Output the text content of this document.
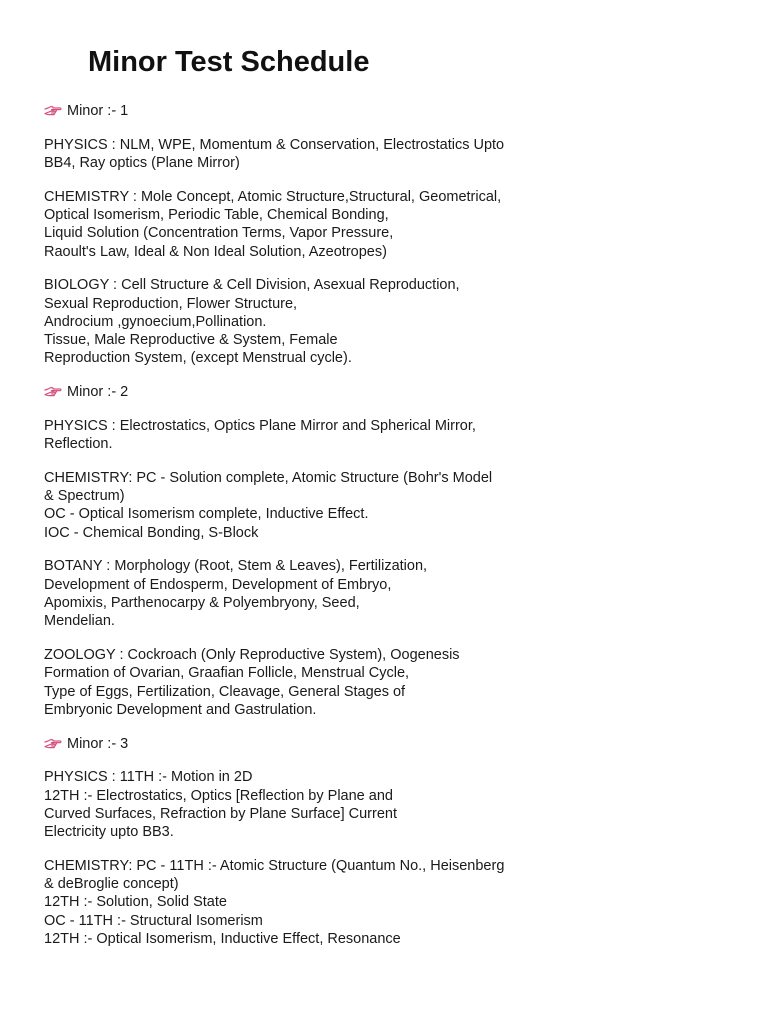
Minor Test Schedule
Minor :- 1
PHYSICS : NLM, WPE, Momentum & Conservation, Electrostatics Upto
BB4, Ray optics (Plane Mirror)
CHEMISTRY : Mole Concept, Atomic Structure,Structural, Geometrical,
Optical Isomerism, Periodic Table, Chemical Bonding,
Liquid Solution (Concentration Terms, Vapor Pressure,
Raoult's Law, Ideal & Non Ideal Solution, Azeotropes)
BIOLOGY : Cell Structure & Cell Division, Asexual Reproduction,
Sexual Reproduction, Flower Structure,
Androcium ,gynoecium,Pollination.
Tissue, Male Reproductive & System, Female
Reproduction System, (except Menstrual cycle).
Minor :- 2
PHYSICS : Electrostatics, Optics Plane Mirror and Spherical Mirror,
Reflection.
CHEMISTRY: PC - Solution complete, Atomic Structure (Bohr's Model
& Spectrum)
OC - Optical Isomerism complete, Inductive Effect.
IOC - Chemical Bonding, S-Block
BOTANY : Morphology (Root, Stem & Leaves), Fertilization,
Development of Endosperm, Development of Embryo,
Apomixis, Parthenocarpy & Polyembryony, Seed,
Mendelian.
ZOOLOGY : Cockroach (Only Reproductive System), Oogenesis
Formation of Ovarian, Graafian Follicle, Menstrual Cycle,
Type of Eggs, Fertilization, Cleavage, General Stages of
Embryonic Development and Gastrulation.
Minor :- 3
PHYSICS : 11TH :- Motion in 2D
12TH :- Electrostatics, Optics [Reflection by Plane and
Curved Surfaces, Refraction by Plane Surface] Current
Electricity upto BB3.
CHEMISTRY: PC - 11TH :- Atomic Structure (Quantum No., Heisenberg
& deBroglie concept)
12TH :- Solution, Solid State
OC - 11TH :- Structural Isomerism
12TH :- Optical Isomerism, Inductive Effect, Resonance
